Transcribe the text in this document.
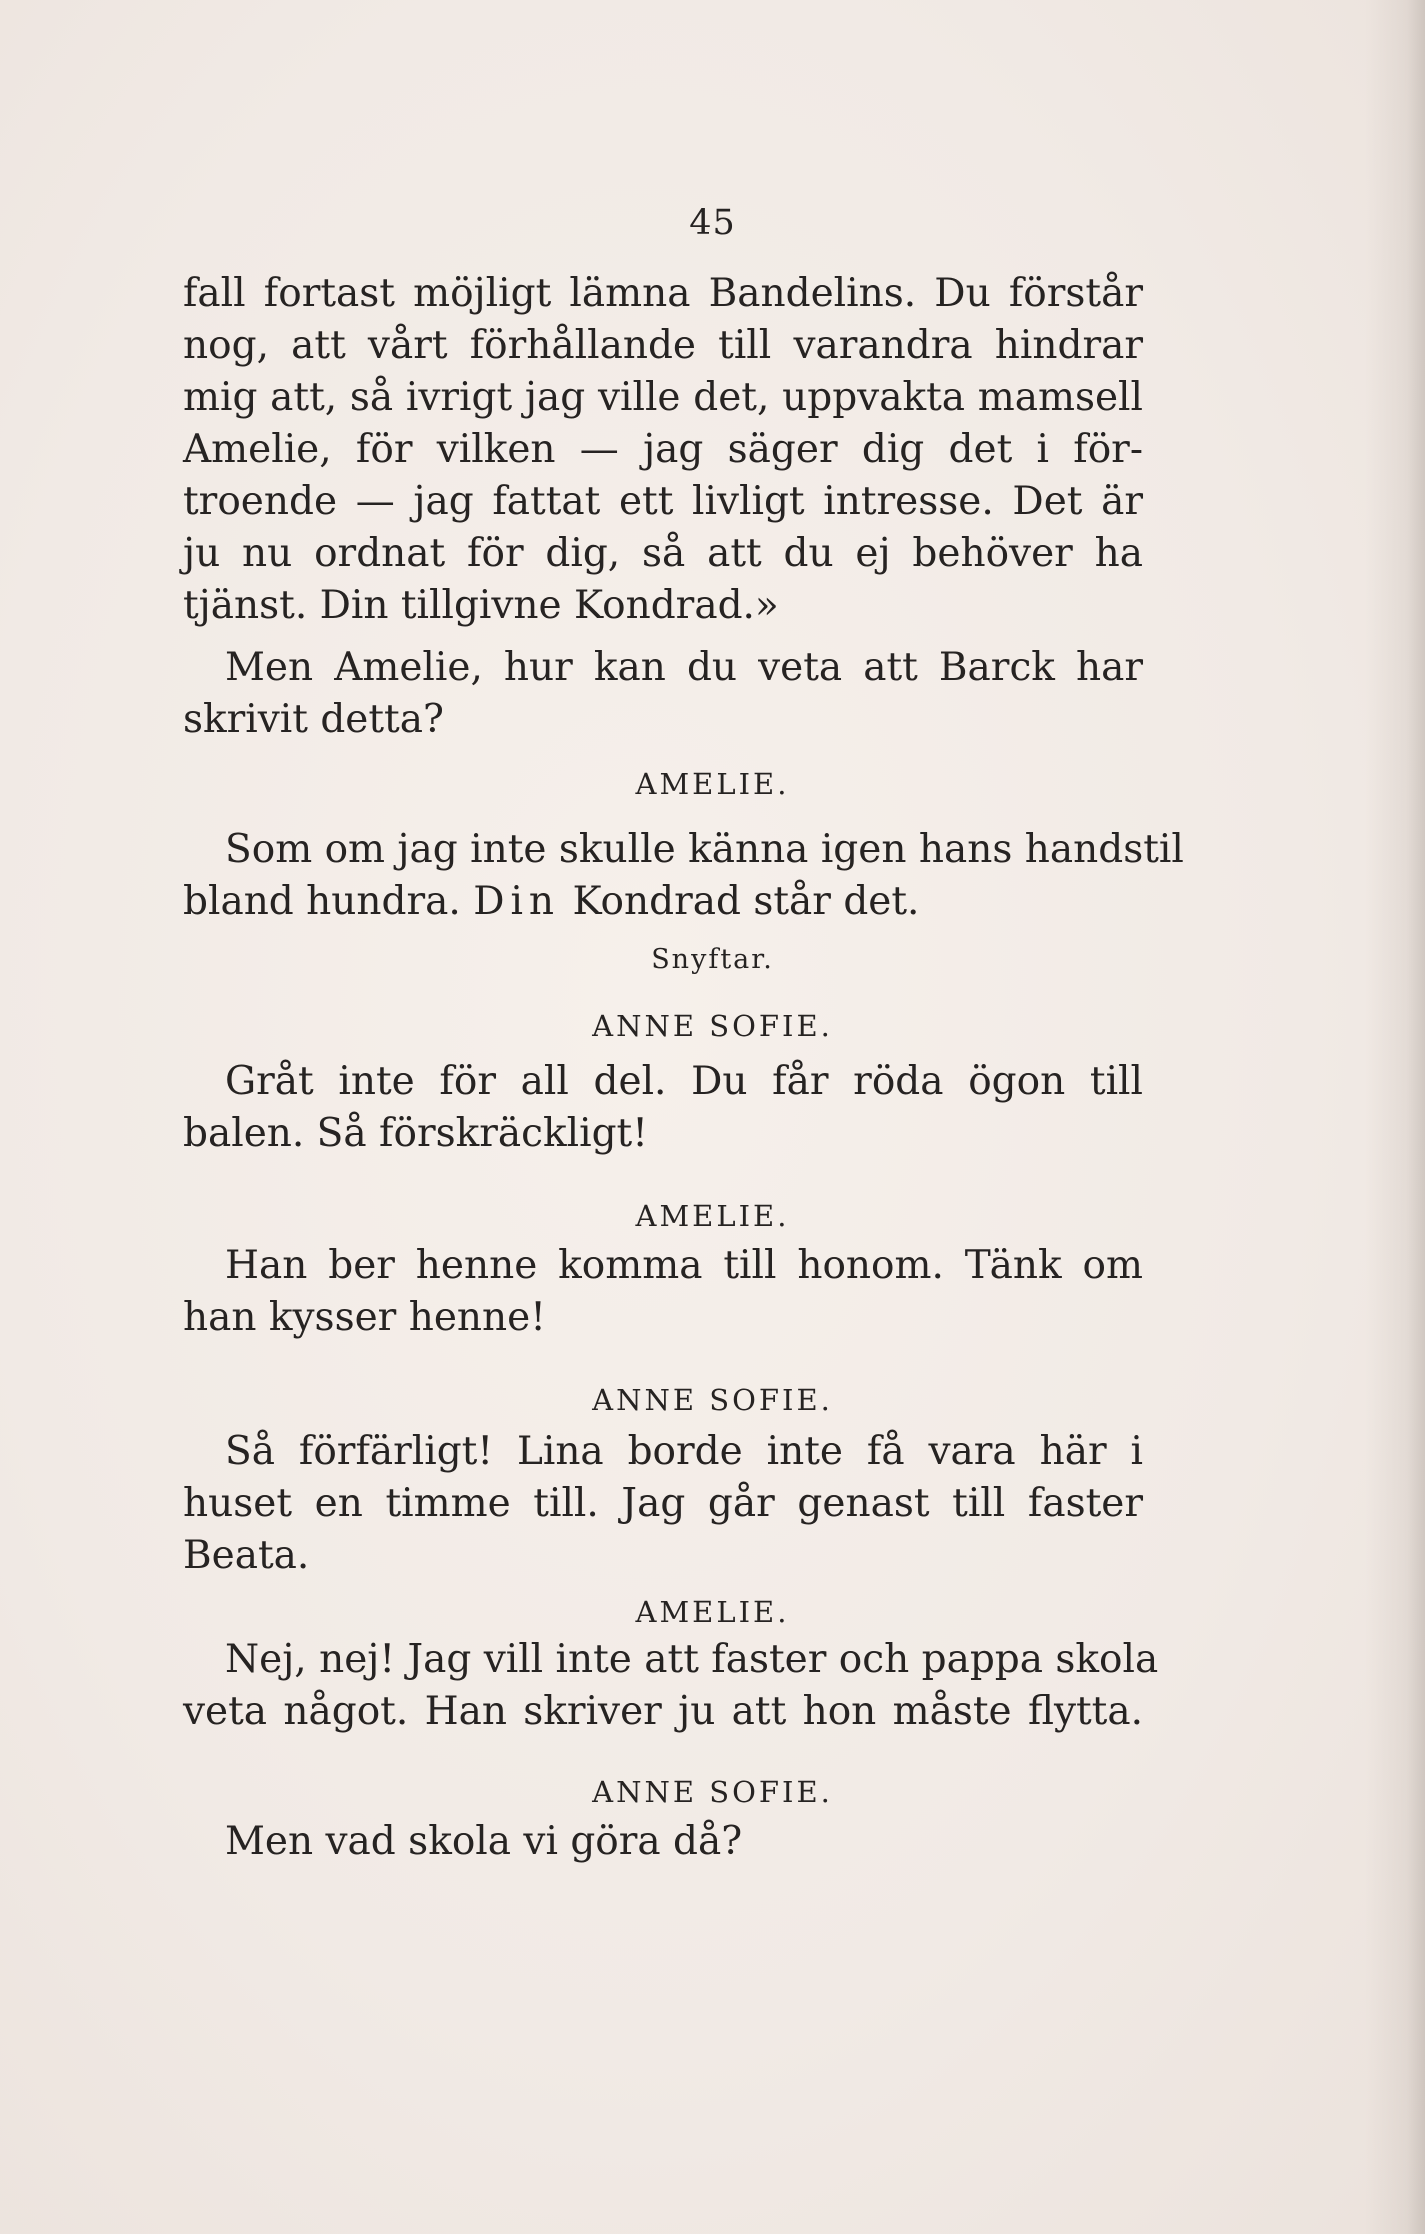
45
fall fortast möjligt lämna Bandelins. Du förstår
nog, att vårt förhållande till varandra hindrar
mig att, så ivrigt jag ville det, uppvakta mamsell
Amelie, för vilken — jag säger dig det i för-
troende — jag fattat ett livligt intresse. Det är
ju nu ordnat för dig, så att du ej behöver ha
tjänst. Din tillgivne Kondrad.»
Men Amelie, hur kan du veta att Barck har
skrivit detta?
AMELIE.
Som om jag inte skulle känna igen hans handstil
bland hundra. Din Kondrad står det.
Snyftar.
ANNE SOFIE.
Gråt inte för all del. Du får röda ögon till
balen. Så förskräckligt!
AMELIE.
Han ber henne komma till honom. Tänk om
han kysser henne!
ANNE SOFIE.
Så förfärligt! Lina borde inte få vara här i
huset en timme till. Jag går genast till faster
Beata.
AMELIE.
Nej, nej! Jag vill inte att faster och pappa skola
veta något. Han skriver ju att hon måste flytta.
ANNE SOFIE.
Men vad skola vi göra då?
